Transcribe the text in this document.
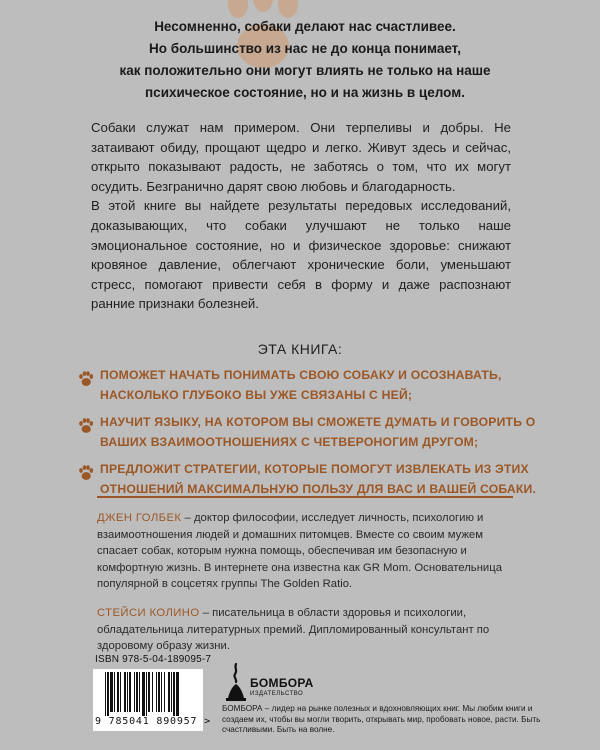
Несомненно, собаки делают нас счастливее.

Но большинство из нас не до конца понимает,

как положительно они могут влиять не только на наше

психическое состояние, но и на жизнь в целом.

Собаки служат нам примером. Они терпеливы и добры. Не затаивают обиду, прощают щедро и легко. Живут здесь и сейчас, открыто показывают радость, не заботясь о том, что их могут осудить. Безгранично дарят свою любовь и благодарность.

В этой книге вы найдете результаты передовых исследований, доказывающих, что собаки улучшают не только наше эмоциональное состояние, но и физическое здоровье: снижают кровяное давление, облегчают хронические боли, уменьшают стресс, помогают привести себя в форму и даже распознают ранние признаки болезней.

ЭТА КНИГА:
ПОМОЖЕТ НАЧАТЬ ПОНИМАТЬ СВОЮ СОБАКУ И ОСОЗНАВАТЬ, НАСКОЛЬКО ГЛУБОКО ВЫ УЖЕ СВЯЗАНЫ С НЕЙ;
НАУЧИТ ЯЗЫКУ, НА КОТОРОМ ВЫ СМОЖЕТЕ ДУМАТЬ И ГОВОРИТЬ О ВАШИХ ВЗАИМООТНОШЕНИЯХ С ЧЕТВЕРОНОГИМ ДРУГОМ;
ПРЕДЛОЖИТ СТРАТЕГИИ, КОТОРЫЕ ПОМОГУТ ИЗВЛЕКАТЬ ИЗ ЭТИХ ОТНОШЕНИЙ МАКСИМАЛЬНУЮ ПОЛЬЗУ ДЛЯ ВАС И ВАШЕЙ СОБАКИ.

ДЖЕН ГОЛБЕК – доктор философии, исследует личность, психологию и взаимоотношения людей и домашних питомцев. Вместе со своим мужем спасает собак, которым нужна помощь, обеспечивая им безопасную и комфортную жизнь. В интернете она известна как GR Mom. Основательница популярной в соцсетях группы The Golden Ratio.

СТЕЙСИ КОЛИНО – писательница в области здоровья и психологии, обладательница литературных премий. Дипломированный консультант по здоровому образу жизни.

ISBN 978-5-04-189095-7
9 785041 890957 >
БОМБОРА
ИЗДАТЕЛЬСТВО
БОМБОРА – лидер на рынке полезных и вдохновляющих книг. Мы любим книги и создаем их, чтобы вы могли творить, открывать мир, пробовать новое, расти. Быть счастливыми. Быть на волне.
